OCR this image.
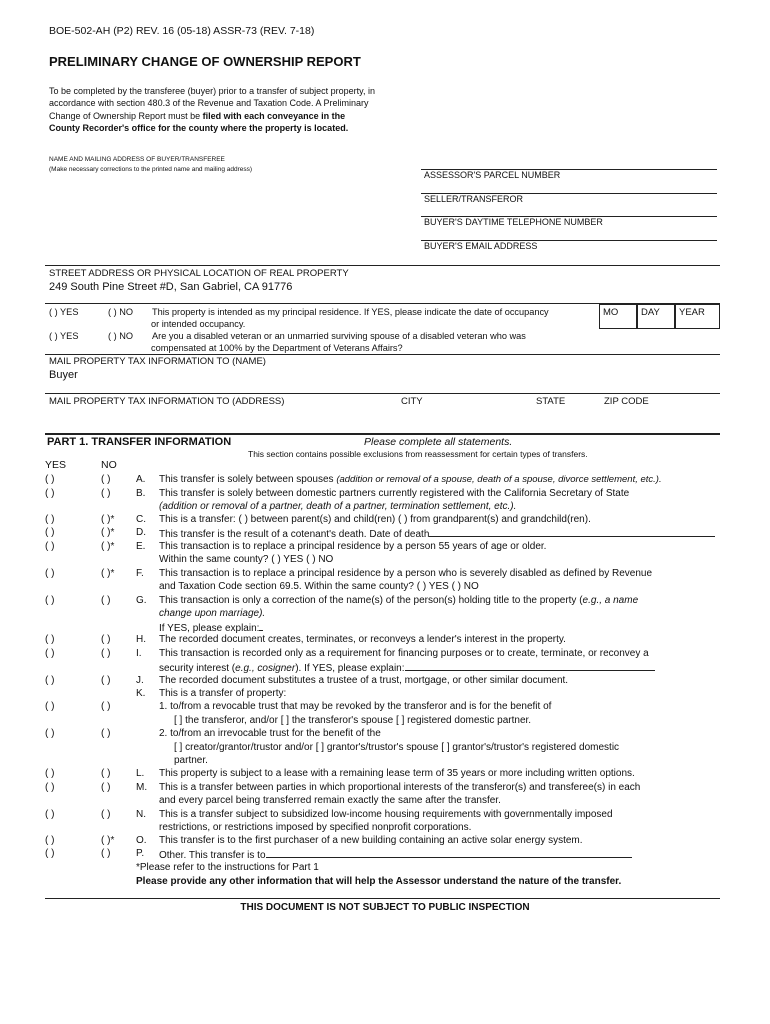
BOE-502-AH (P2) REV. 16 (05-18) ASSR-73 (REV. 7-18)
PRELIMINARY CHANGE OF OWNERSHIP REPORT
To be completed by the transferee (buyer) prior to a transfer of subject property, in
accordance with section 480.3 of the Revenue and Taxation Code. A Preliminary
Change of Ownership Report must be filed with each conveyance in the
County Recorder's office for the county where the property is located.
NAME AND MAILING ADDRESS OF BUYER/TRANSFEREE
(Make necessary corrections to the printed name and mailing address)
ASSESSOR'S PARCEL NUMBER
SELLER/TRANSFEROR
BUYER'S DAYTIME TELEPHONE NUMBER
BUYER'S EMAIL ADDRESS
STREET ADDRESS OR PHYSICAL LOCATION OF REAL PROPERTY
249 South Pine Street #D, San Gabriel, CA 91776
( ) YES	( ) NO This property is intended as my principal residence. If YES, please indicate the date of occupancy
or intended occupancy.
( ) YES	( ) NO Are you a disabled veteran or an unmarried surviving spouse of a disabled veteran who was
compensated at 100% by the Department of Veterans Affairs?
MO	DAY	YEAR
MAIL PROPERTY TAX INFORMATION TO (NAME)
Buyer
MAIL PROPERTY TAX INFORMATION TO (ADDRESS)	CITY	STATE	ZIP CODE
PART 1. TRANSFER INFORMATION	Please complete all statements.
This section contains possible exclusions from reassessment for certain types of transfers.
YES	NO
( )	( )	A. This transfer is solely between spouses (addition or removal of a spouse, death of a spouse, divorce settlement, etc.).
( )	( )	B. This transfer is solely between domestic partners currently registered with the California Secretary of State
(addition or removal of a partner, death of a partner, termination settlement, etc.).
( )	( )* C. This is a transfer: ( ) between parent(s) and child(ren) ( ) from grandparent(s) and grandchild(ren).
( )	( )* D. This transfer is the result of a cotenant's death. Date of death
( )	( )* E. This transaction is to replace a principal residence by a person 55 years of age or older.
Within the same county? ( ) YES ( ) NO
( )	( )* F. This transaction is to replace a principal residence by a person who is severely disabled as defined by Revenue
and Taxation Code section 69.5. Within the same county? ( ) YES ( ) NO
( )	( )	G. This transaction is only a correction of the name(s) of the person(s) holding title to the property (e.g., a name
change upon marriage).
If YES, please explain:
( )	( )	H. The recorded document creates, terminates, or reconveys a lender's interest in the property.
( )	( )	I. This transaction is recorded only as a requirement for financing purposes or to create, terminate, or reconvey a
security interest (e.g., cosigner). If YES, please explain:
( )	( )	J. The recorded document substitutes a trustee of a trust, mortgage, or other similar document.
K. This is a transfer of property:
( )	( )	1. to/from a revocable trust that may be revoked by the transferor and is for the benefit of
[ ] the transferor, and/or [ ] the transferor's spouse [ ] registered domestic partner.
( )	( )	2. to/from an irrevocable trust for the benefit of the
[ ] creator/grantor/trustor and/or [ ] grantor's/trustor's spouse [ ] grantor's/trustor's registered domestic
partner.
( )	( )	L. This property is subject to a lease with a remaining lease term of 35 years or more including written options.
( )	( )	M. This is a transfer between parties in which proportional interests of the transferor(s) and transferee(s) in each
and every parcel being transferred remain exactly the same after the transfer.
( )	( )	N. This is a transfer subject to subsidized low-income housing requirements with governmentally imposed
restrictions, or restrictions imposed by specified nonprofit corporations.
( )	( )* O. This transfer is to the first purchaser of a new building containing an active solar energy system.
( )	( )	P. Other. This transfer is to
*Please refer to the instructions for Part 1
Please provide any other information that will help the Assessor understand the nature of the transfer.
THIS DOCUMENT IS NOT SUBJECT TO PUBLIC INSPECTION
